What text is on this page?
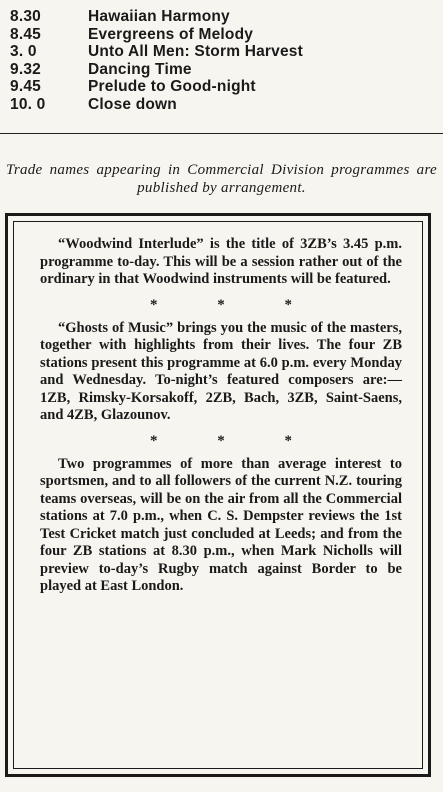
8.30	Hawaiian Harmony
8.45	Evergreens of Melody
3. 0	Unto All Men: Storm Harvest
9.32	Dancing Time
9.45	Prelude to Good-night
10. 0	Close down

Trade names appearing in Commercial Division programmes are published by arrangement.

“Woodwind Interlude” is the title of 3ZB’s 3.45 p.m. programme to-day. This will be a session rather out of the ordinary in that Woodwind instruments will be featured.

* * *

“Ghosts of Music” brings you the music of the masters, together with highlights from their lives. The four ZB stations present this programme at 6.0 p.m. every Monday and Wednesday. To-night’s featured composers are:— 1ZB, Rimsky-Korsakoff, 2ZB, Bach, 3ZB, Saint-Saens, and 4ZB, Glazounov.

* * *

Two programmes of more than average interest to sportsmen, and to all followers of the current N.Z. touring teams overseas, will be on the air from all the Commercial stations at 7.0 p.m., when C. S. Dempster reviews the 1st Test Cricket match just concluded at Leeds; and from the four ZB stations at 8.30 p.m., when Mark Nicholls will preview to-day’s Rugby match against Border to be played at East London.
